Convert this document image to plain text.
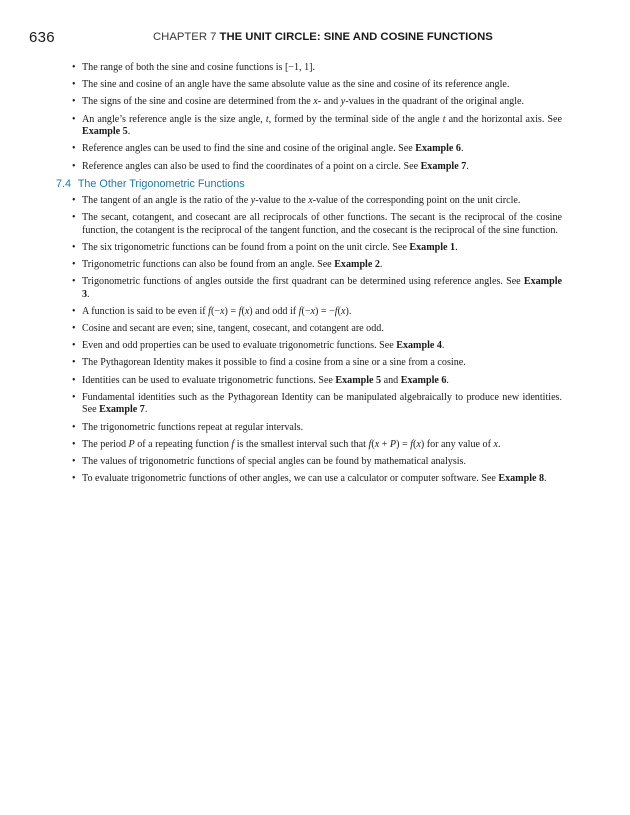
636	CHAPTER 7 THE UNIT CIRCLE: SINE AND COSINE FUNCTIONS
• The range of both the sine and cosine functions is [−1, 1].
• The sine and cosine of an angle have the same absolute value as the sine and cosine of its reference angle.
• The signs of the sine and cosine are determined from the x- and y-values in the quadrant of the original angle.
• An angle’s reference angle is the size angle, t, formed by the terminal side of the angle t and the horizontal axis. See Example 5.
• Reference angles can be used to find the sine and cosine of the original angle. See Example 6.
• Reference angles can also be used to find the coordinates of a point on a circle. See Example 7.
7.4 The Other Trigonometric Functions
• The tangent of an angle is the ratio of the y-value to the x-value of the corresponding point on the unit circle.
• The secant, cotangent, and cosecant are all reciprocals of other functions. The secant is the reciprocal of the cosine function, the cotangent is the reciprocal of the tangent function, and the cosecant is the reciprocal of the sine function.
• The six trigonometric functions can be found from a point on the unit circle. See Example 1.
• Trigonometric functions can also be found from an angle. See Example 2.
• Trigonometric functions of angles outside the first quadrant can be determined using reference angles. See Example 3.
• A function is said to be even if f(−x) = f(x) and odd if f(−x) = −f(x).
• Cosine and secant are even; sine, tangent, cosecant, and cotangent are odd.
• Even and odd properties can be used to evaluate trigonometric functions. See Example 4.
• The Pythagorean Identity makes it possible to find a cosine from a sine or a sine from a cosine.
• Identities can be used to evaluate trigonometric functions. See Example 5 and Example 6.
• Fundamental identities such as the Pythagorean Identity can be manipulated algebraically to produce new identities. See Example 7.
• The trigonometric functions repeat at regular intervals.
• The period P of a repeating function f is the smallest interval such that f(x + P) = f(x) for any value of x.
• The values of trigonometric functions of special angles can be found by mathematical analysis.
• To evaluate trigonometric functions of other angles, we can use a calculator or computer software. See Example 8.
